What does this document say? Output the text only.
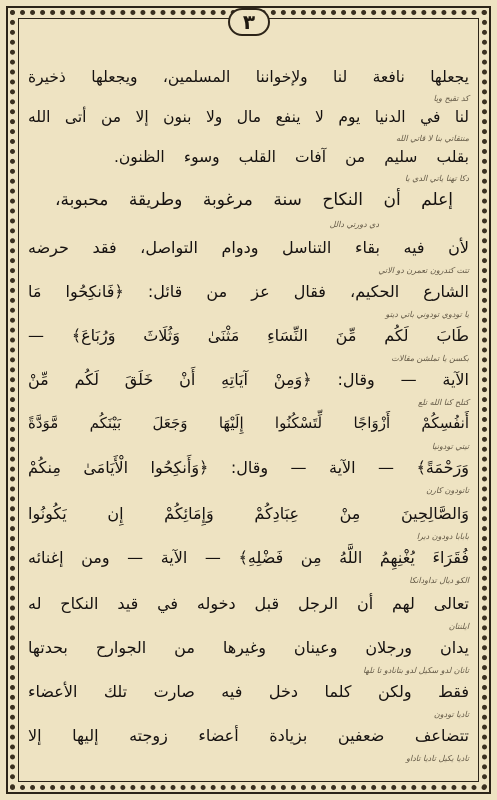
٣
يجعلها نافعة لنا ولإخواننا المسلمين، ويجعلها ذخيرة
كد تقيح ويا
لنا في الدنيا يوم لا ينفع مال ولا بنون إلا من أتى الله
منتقاتي بنا لا قاتي الله
بقلب سليم من آفات القلب وسوء الظنون.
دكا تهنا ياتي الدي يا
إعلم أن النكاح سنة مرغوبة وطريقة محبوبة،
دي دورتي دالل
لأن فيه بقاء التناسل ودوام التواصل، فقد حرضه
تتت كتدرون تعمرن دو الاتي
الشارع الحكيم، فقال عز من قائل: ﴿فَانكِحُوا مَا
يا تودوي تودوني باتي ديتو
طَابَ لَكُم مِّنَ النِّسَاءِ مَثْنَىٰ وَثُلَاثَ وَرُبَاعَ﴾ —
بكسن يا تملشن مقالات
الآية — وقال: ﴿وَمِنْ آيَاتِهِ أَنْ خَلَقَ لَكُم مِّنْ
كتلح كنا الله تلع
أَنفُسِكُمْ أَزْوَاجًا لِّتَسْكُنُوا إِلَيْهَا وَجَعَلَ بَيْنَكُم مَّوَدَّةً
تيتي تودونيا
وَرَحْمَةً﴾ — الآية — وقال: ﴿وَأَنكِحُوا الْأَيَامَىٰ مِنكُمْ
تاتودون كارن
وَالصَّالِحِينَ مِنْ عِبَادِكُمْ وَإِمَائِكُمْ إِن يَكُونُوا
بابابا دودون ديرا
فُقَرَاءَ يُغْنِهِمُ اللَّهُ مِن فَضْلِهِ﴾ — الآية — ومن إغنائه
الكو ديال تداودانكا
تعالى لهم أن الرجل قبل دخوله في قيد النكاح له
ايلنتان
يدان ورجلان وعينان وغيرها من الجوارح بحدتها
تاتان لدو سكيل لدو بتانادو تا تلها
فقط ولكن كلما دخل فيه صارت تلك الأعضاء
تاديا تودون
تتضاعف ضعفين بزيادة أعضاء زوجته إليها إلا
تاديا يكيل تاديا تاداو
